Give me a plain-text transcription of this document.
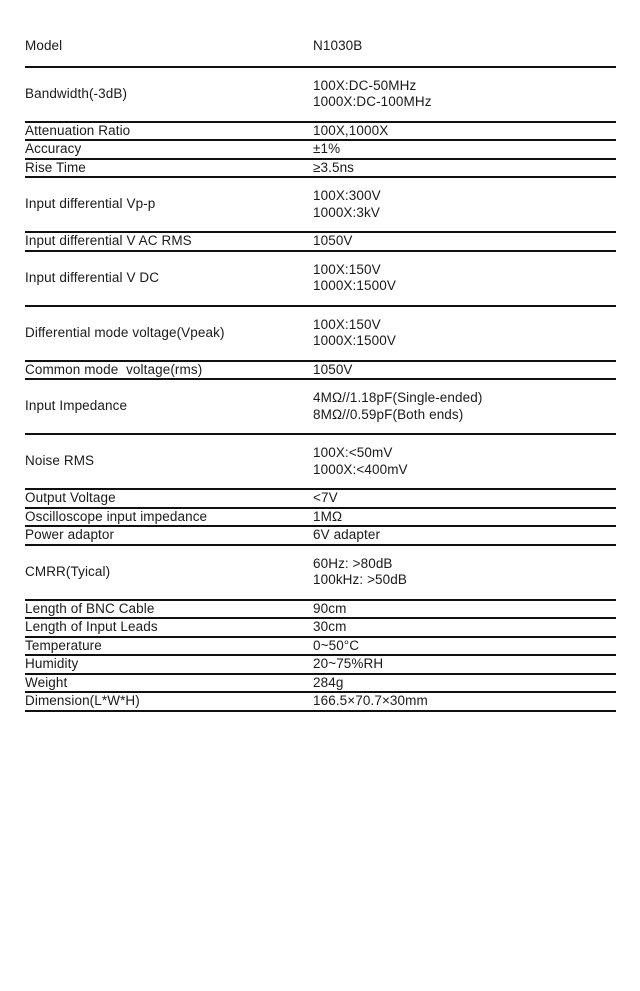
Model	N1030B

Bandwidth(-3dB)	100X:DC-50MHz
1000X:DC-100MHz

Attenuation Ratio	100X,1000X

Accuracy	±1%

Rise Time	≥3.5ns

Input differential Vp-p	100X:300V
1000X:3kV

Input differential V AC RMS	1050V

Input differential V DC	100X:150V
1000X:1500V

Differential mode voltage(Vpeak)	100X:150V
1000X:1500V

Common mode  voltage(rms)	1050V

Input Impedance	4MΩ//1.18pF(Single-ended)
8MΩ//0.59pF(Both ends)

Noise RMS	100X:<50mV
1000X:<400mV

Output Voltage	<7V

Oscilloscope input impedance	1MΩ

Power adaptor	6V adapter

CMRR(Tyical)	60Hz: >80dB
100kHz: >50dB

Length of BNC Cable	90cm

Length of Input Leads	30cm

Temperature	0~50°C

Humidity	20~75%RH

Weight	284g

Dimension(L*W*H)	166.5×70.7×30mm
